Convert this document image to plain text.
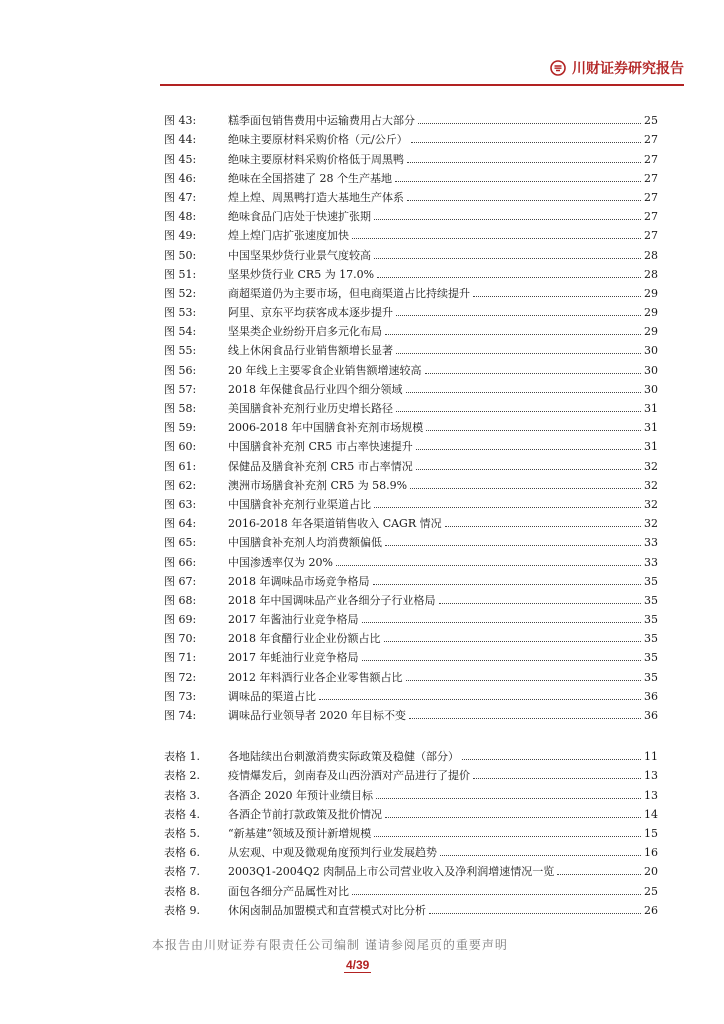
川财证券研究报告
图 43:	糕季面包销售费用中运输费用占大部分	25
图 44:	绝味主要原材料采购价格（元/公斤）	27
图 45:	绝味主要原材料采购价格低于周黑鸭	27
图 46:	绝味在全国搭建了 28 个生产基地	27
图 47:	煌上煌、周黑鸭打造大基地生产体系	27
图 48:	绝味食品门店处于快速扩张期	27
图 49:	煌上煌门店扩张速度加快	27
图 50:	中国坚果炒货行业景气度较高	28
图 51:	坚果炒货行业 CR5 为 17.0%	28
图 52:	商超渠道仍为主要市场，但电商渠道占比持续提升	29
图 53:	阿里、京东平均获客成本逐步提升	29
图 54:	坚果类企业纷纷开启多元化布局	29
图 55:	线上休闲食品行业销售额增长显著	30
图 56:	20 年线上主要零食企业销售额增速较高	30
图 57:	2018 年保健食品行业四个细分领域	30
图 58:	美国膳食补充剂行业历史增长路径	31
图 59:	2006-2018 年中国膳食补充剂市场规模	31
图 60:	中国膳食补充剂 CR5 市占率快速提升	31
图 61:	保健品及膳食补充剂 CR5 市占率情况	32
图 62:	澳洲市场膳食补充剂 CR5 为 58.9%	32
图 63:	中国膳食补充剂行业渠道占比	32
图 64:	2016-2018 年各渠道销售收入 CAGR 情况	32
图 65:	中国膳食补充剂人均消费额偏低	33
图 66:	中国渗透率仅为 20%	33
图 67:	2018 年调味品市场竞争格局	35
图 68:	2018 年中国调味品产业各细分子行业格局	35
图 69:	2017 年酱油行业竞争格局	35
图 70:	2018 年食醋行业企业份额占比	35
图 71:	2017 年蚝油行业竞争格局	35
图 72:	2012 年料酒行业各企业零售额占比	35
图 73:	调味品的渠道占比	36
图 74:	调味品行业领导者 2020 年目标不变	36
表格 1.	各地陆续出台刺激消费实际政策及稳健（部分）	11
表格 2.	疫情爆发后，剑南春及山西汾酒对产品进行了提价	13
表格 3.	各酒企 2020 年预计业绩目标	13
表格 4.	各酒企节前打款政策及批价情况	14
表格 5.	“新基建”领域及预计新增规模	15
表格 6.	从宏观、中观及微观角度预判行业发展趋势	16
表格 7.	2003Q1-2004Q2 肉制品上市公司营业收入及净利润增速情况一览	20
表格 8.	面包各细分产品属性对比	25
表格 9.	休闲卤制品加盟模式和直营模式对比分析	26
本报告由川财证券有限责任公司编制 谨请参阅尾页的重要声明
4/39
